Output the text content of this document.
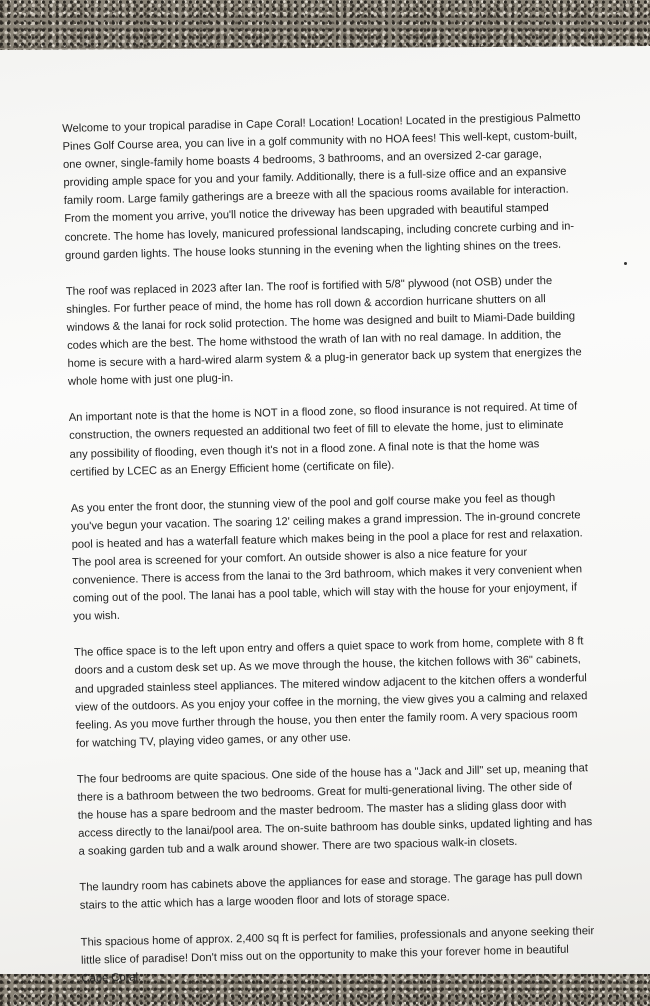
Welcome to your tropical paradise in Cape Coral! Location! Location! Located in the prestigious Palmetto
Pines Golf Course area, you can live in a golf community with no HOA fees! This well-kept, custom-built,
one owner, single-family home boasts 4 bedrooms, 3 bathrooms, and an oversized 2-car garage,
providing ample space for you and your family. Additionally, there is a full-size office and an expansive
family room. Large family gatherings are a breeze with all the spacious rooms available for interaction.
From the moment you arrive, you'll notice the driveway has been upgraded with beautiful stamped
concrete. The home has lovely, manicured professional landscaping, including concrete curbing and in-
ground garden lights. The house looks stunning in the evening when the lighting shines on the trees.

The roof was replaced in 2023 after Ian. The roof is fortified with 5/8" plywood (not OSB) under the
shingles. For further peace of mind, the home has roll down & accordion hurricane shutters on all
windows & the lanai for rock solid protection. The home was designed and built to Miami-Dade building
codes which are the best. The home withstood the wrath of Ian with no real damage. In addition, the
home is secure with a hard-wired alarm system & a plug-in generator back up system that energizes the
whole home with just one plug-in.

An important note is that the home is NOT in a flood zone, so flood insurance is not required. At time of
construction, the owners requested an additional two feet of fill to elevate the home, just to eliminate
any possibility of flooding, even though it's not in a flood zone. A final note is that the home was
certified by LCEC as an Energy Efficient home (certificate on file).

As you enter the front door, the stunning view of the pool and golf course make you feel as though
you've begun your vacation. The soaring 12' ceiling makes a grand impression. The in-ground concrete
pool is heated and has a waterfall feature which makes being in the pool a place for rest and relaxation.
The pool area is screened for your comfort. An outside shower is also a nice feature for your
convenience. There is access from the lanai to the 3rd bathroom, which makes it very convenient when
coming out of the pool. The lanai has a pool table, which will stay with the house for your enjoyment, if
you wish.

The office space is to the left upon entry and offers a quiet space to work from home, complete with 8 ft
doors and a custom desk set up. As we move through the house, the kitchen follows with 36" cabinets,
and upgraded stainless steel appliances. The mitered window adjacent to the kitchen offers a wonderful
view of the outdoors. As you enjoy your coffee in the morning, the view gives you a calming and relaxed
feeling. As you move further through the house, you then enter the family room. A very spacious room
for watching TV, playing video games, or any other use.

The four bedrooms are quite spacious. One side of the house has a "Jack and Jill" set up, meaning that
there is a bathroom between the two bedrooms. Great for multi-generational living. The other side of
the house has a spare bedroom and the master bedroom. The master has a sliding glass door with
access directly to the lanai/pool area. The on-suite bathroom has double sinks, updated lighting and has
a soaking garden tub and a walk around shower. There are two spacious walk-in closets.

The laundry room has cabinets above the appliances for ease and storage. The garage has pull down
stairs to the attic which has a large wooden floor and lots of storage space.

This spacious home of approx. 2,400 sq ft is perfect for families, professionals and anyone seeking their
little slice of paradise! Don't miss out on the opportunity to make this your forever home in beautiful
Cape Coral.
